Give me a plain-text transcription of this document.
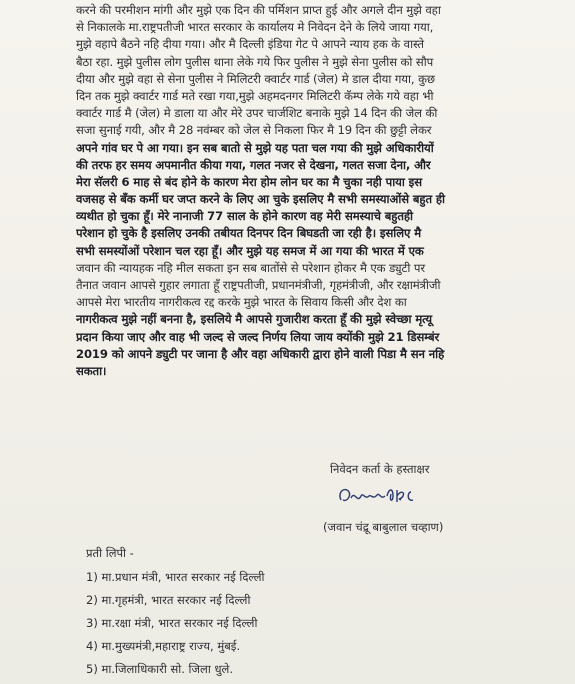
करने की परमीशन मांगी और मुझे एक दिन की पर्मिशन प्राप्त हुई और अगले दीन मुझे वहा
से निकालके मा.राष्ट्रपतीजी भारत सरकार के कार्यालय मे निवेदन देने के लिये जाया गया,
मुझे वहापे बैठने नहि दीया गया। और मै दिल्ली इंडिया गेट पे आपने न्याय हक के वास्ते
बैठा रहा. मुझे पुलीस लोग पुलीस थाना लेके गये फिर पुलीस ने मुझे सेना पुलीस को सौप
दीया और मुझे वहा से सेना पुलीस ने मिलिटरी क्वार्टर गार्ड (जेल) मे डाल दीया गया, कुछ
दिन तक मुझे क्वार्टर गार्ड मते रखा गया,मुझे अहमदनगर मिलिटरी कॅम्प लेके गये वहा भी
क्वार्टर गार्ड मै (जेल) मे डाला या और मेरे उपर चार्जशिट बनाके मुझे 14 दिन की जेल की
सजा सुनाई गयी, और मै 28 नवंम्बर को जेल से निकला फिर मै 19 दिन की छुट्टी लेकर
अपने गांव घर पे आ गया। इन सब बातो से मुझे यह पता चल गया की मुझे अधिकारीयों
की तरफ हर समय अपमानीत कीया गया, गलत नजर से देखना, गलत सजा देना, और
मेरा सॅलरी 6 माह से बंद होने के कारण मेरा होम लोन घर का मै चुका नही पाया इस
वजसह से बँक कर्मी घर जप्त करने के लिए आ चुके इसलिए मै सभी समस्याओंसे बहुत ही
व्यथीत हो चुका हूँ। मेरे नानाजी 77 साल के होने कारण वह मेरी समस्याचे बहुतही
परेशान हो चुके है इसलिए उनकी तबीयत दिनपर दिन बिघडती जा रही है। इसलिए मै
सभी समस्योंओं परेशान चल रहा हूँ। और मुझे यह समज में आ गया की भारत में एक
जवान की न्यायहक नहि मील सकता इन सब बातोंसे से परेशान होकर मै एक ड्युटी पर
तैनात जवान आपसे गुहार लगाता हूँ राष्ट्रपतीजी, प्रधानमंत्रीजी, गृहमंत्रीजी, और रक्षामंत्रीजी
आपसे मेरा भारतीय नागरीकत्व रद्द करके मुझे भारत के सिवाय किसी और देश का
नागरीकत्व मुझे नहीं बनना है, इसलिये मै आपसे गुजारीश करता हूँ की मुझे स्वेच्छा मृत्यू
प्रदान किया जाए और वाह भी जल्द से जल्द निर्णय लिया जाय क्योंकी मुझे 21 डिसम्बंर
2019 को आपने ड्युटी पर जाना है और वहा अधिकारी द्वारा होने वाली पिडा मै सन नहि
सकता।
निवेदन कर्ता के हस्ताक्षर
(जवान चंद्रू बाबुलाल चव्हाण)
प्रती लिपी -
1) मा.प्रधान मंत्री, भारत सरकार नई दिल्ली
2) मा.गृहमंत्री, भारत सरकार नई दिल्ली
3) मा.रक्षा मंत्री, भारत सरकार नई दिल्ली
4) मा.मुख्यमंत्री,महाराष्ट्र राज्य, मुंबई.
5) मा.जिलाधिकारी सो. जिला धुले.
